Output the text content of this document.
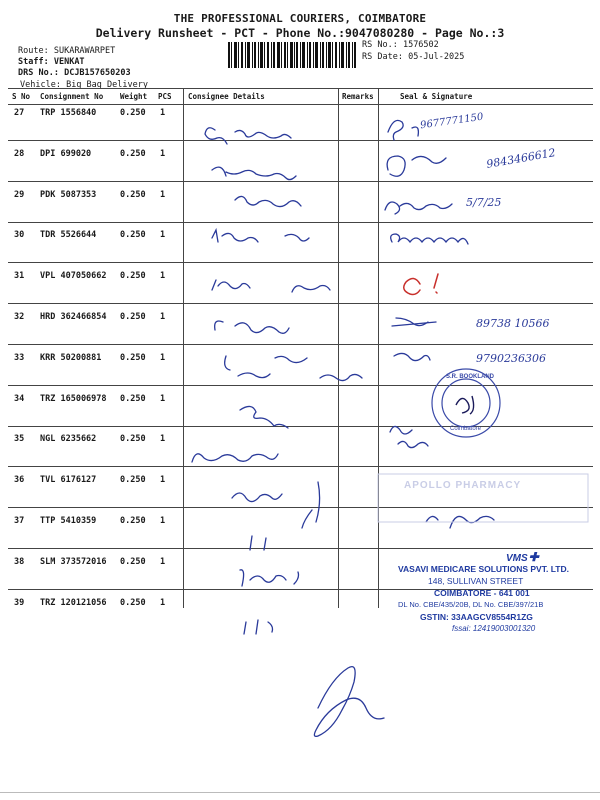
THE PROFESSIONAL COURIERS, COIMBATORE
Delivery Runsheet - PCT - Phone No.:9047080280 - Page No.:3
Route: SUKARAWARPET
Staff: VENKAT
DRS No.: DCJB157650203
Vehicle: Big Bag Delivery
RS No.: 1576502
RS Date: 05-Jul-2025
S No Consignment No Weight PCS Consignee Details	Remarks	Seal & Signature
27 TRP 1556840	0.250 1
28 DPI 699020	0.250 1
29 PDK 5087353	0.250 1
30 TDR 5526644	0.250 1
31 VPL 407050662 0.250 1
32 HRD 362466854 0.250 1
33 KRR 50200881 0.250 1
34 TRZ 165006978 0.250 1
35 NGL 6235662	0.250 1
36 TVL 6176127	0.250 1
37 TTP 5410359	0.250 1
38 SLM 373572016 0.250 1
39 TRZ 120121056 0.250 1
9677771150
9843466612
5/7/25
89738 10566
9790236306
S.R. BOOKLAND
Coimbatore
APOLLO PHARMACY
VMS✚
VASAVI MEDICARE SOLUTIONS PVT. LTD.
148, SULLIVAN STREET
COIMBATORE - 641 001
DL No. CBE/435/20B, DL No. CBE/397/21B
GSTIN: 33AAGCV8554R1ZG
fssai: 12419003001320
